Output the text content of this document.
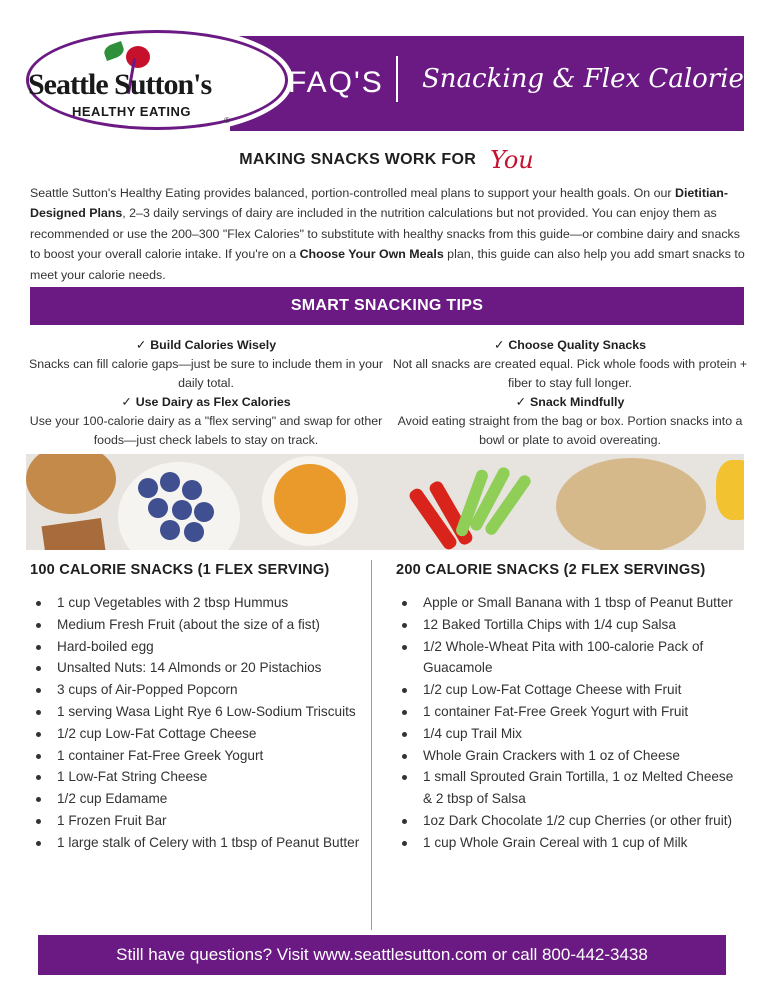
Seattle Sutton's
HEALTHY EATING
®
FAQ'S Snacking & Flex Calories
MAKING SNACKS WORK FOR You
Seattle Sutton's Healthy Eating provides balanced, portion-controlled meal plans to support your health goals. On our Dietitian-Designed Plans, 2–3 daily servings of dairy are included in the nutrition calculations but not provided. You can enjoy them as recommended or use the 200–300 "Flex Calories" to substitute with healthy snacks from this guide—or combine dairy and snacks to boost your overall calorie intake. If you're on a Choose Your Own Meals plan, this guide can also help you add smart snacks to meet your calorie needs.
SMART SNACKING TIPS
✓ Build Calories Wisely
Snacks can fill calorie gaps—just be sure to include them in your daily total.
✓ Use Dairy as Flex Calories
Use your 100-calorie dairy as a "flex serving" and swap for other foods—just check labels to stay on track.
✓ Choose Quality Snacks
Not all snacks are created equal. Pick whole foods with protein + fiber to stay full longer.
✓ Snack Mindfully
Avoid eating straight from the bag or box. Portion snacks into a bowl or plate to avoid overeating.
100 CALORIE SNACKS (1 FLEX SERVING)
1 cup Vegetables with 2 tbsp Hummus
Medium Fresh Fruit (about the size of a fist)
Hard-boiled egg
Unsalted Nuts: 14 Almonds or 20 Pistachios
3 cups of Air-Popped Popcorn
1 serving Wasa Light Rye 6 Low-Sodium Triscuits
1/2 cup Low-Fat Cottage Cheese
1 container Fat-Free Greek Yogurt
1 Low-Fat String Cheese
1/2 cup Edamame
1 Frozen Fruit Bar
1 large stalk of Celery with 1 tbsp of Peanut Butter
200 CALORIE SNACKS (2 FLEX SERVINGS)
Apple or Small Banana with 1 tbsp of Peanut Butter
12 Baked Tortilla Chips with 1/4 cup Salsa
1/2 Whole-Wheat Pita with 100-calorie Pack of Guacamole
1/2 cup Low-Fat Cottage Cheese with Fruit
1 container Fat-Free Greek Yogurt with Fruit
1/4 cup Trail Mix
Whole Grain Crackers with 1 oz of Cheese
1 small Sprouted Grain Tortilla, 1 oz Melted Cheese & 2 tbsp of Salsa
1oz Dark Chocolate 1/2 cup Cherries (or other fruit)
1 cup Whole Grain Cereal with 1 cup of Milk
Still have questions? Visit www.seattlesutton.com or call 800-442-3438
